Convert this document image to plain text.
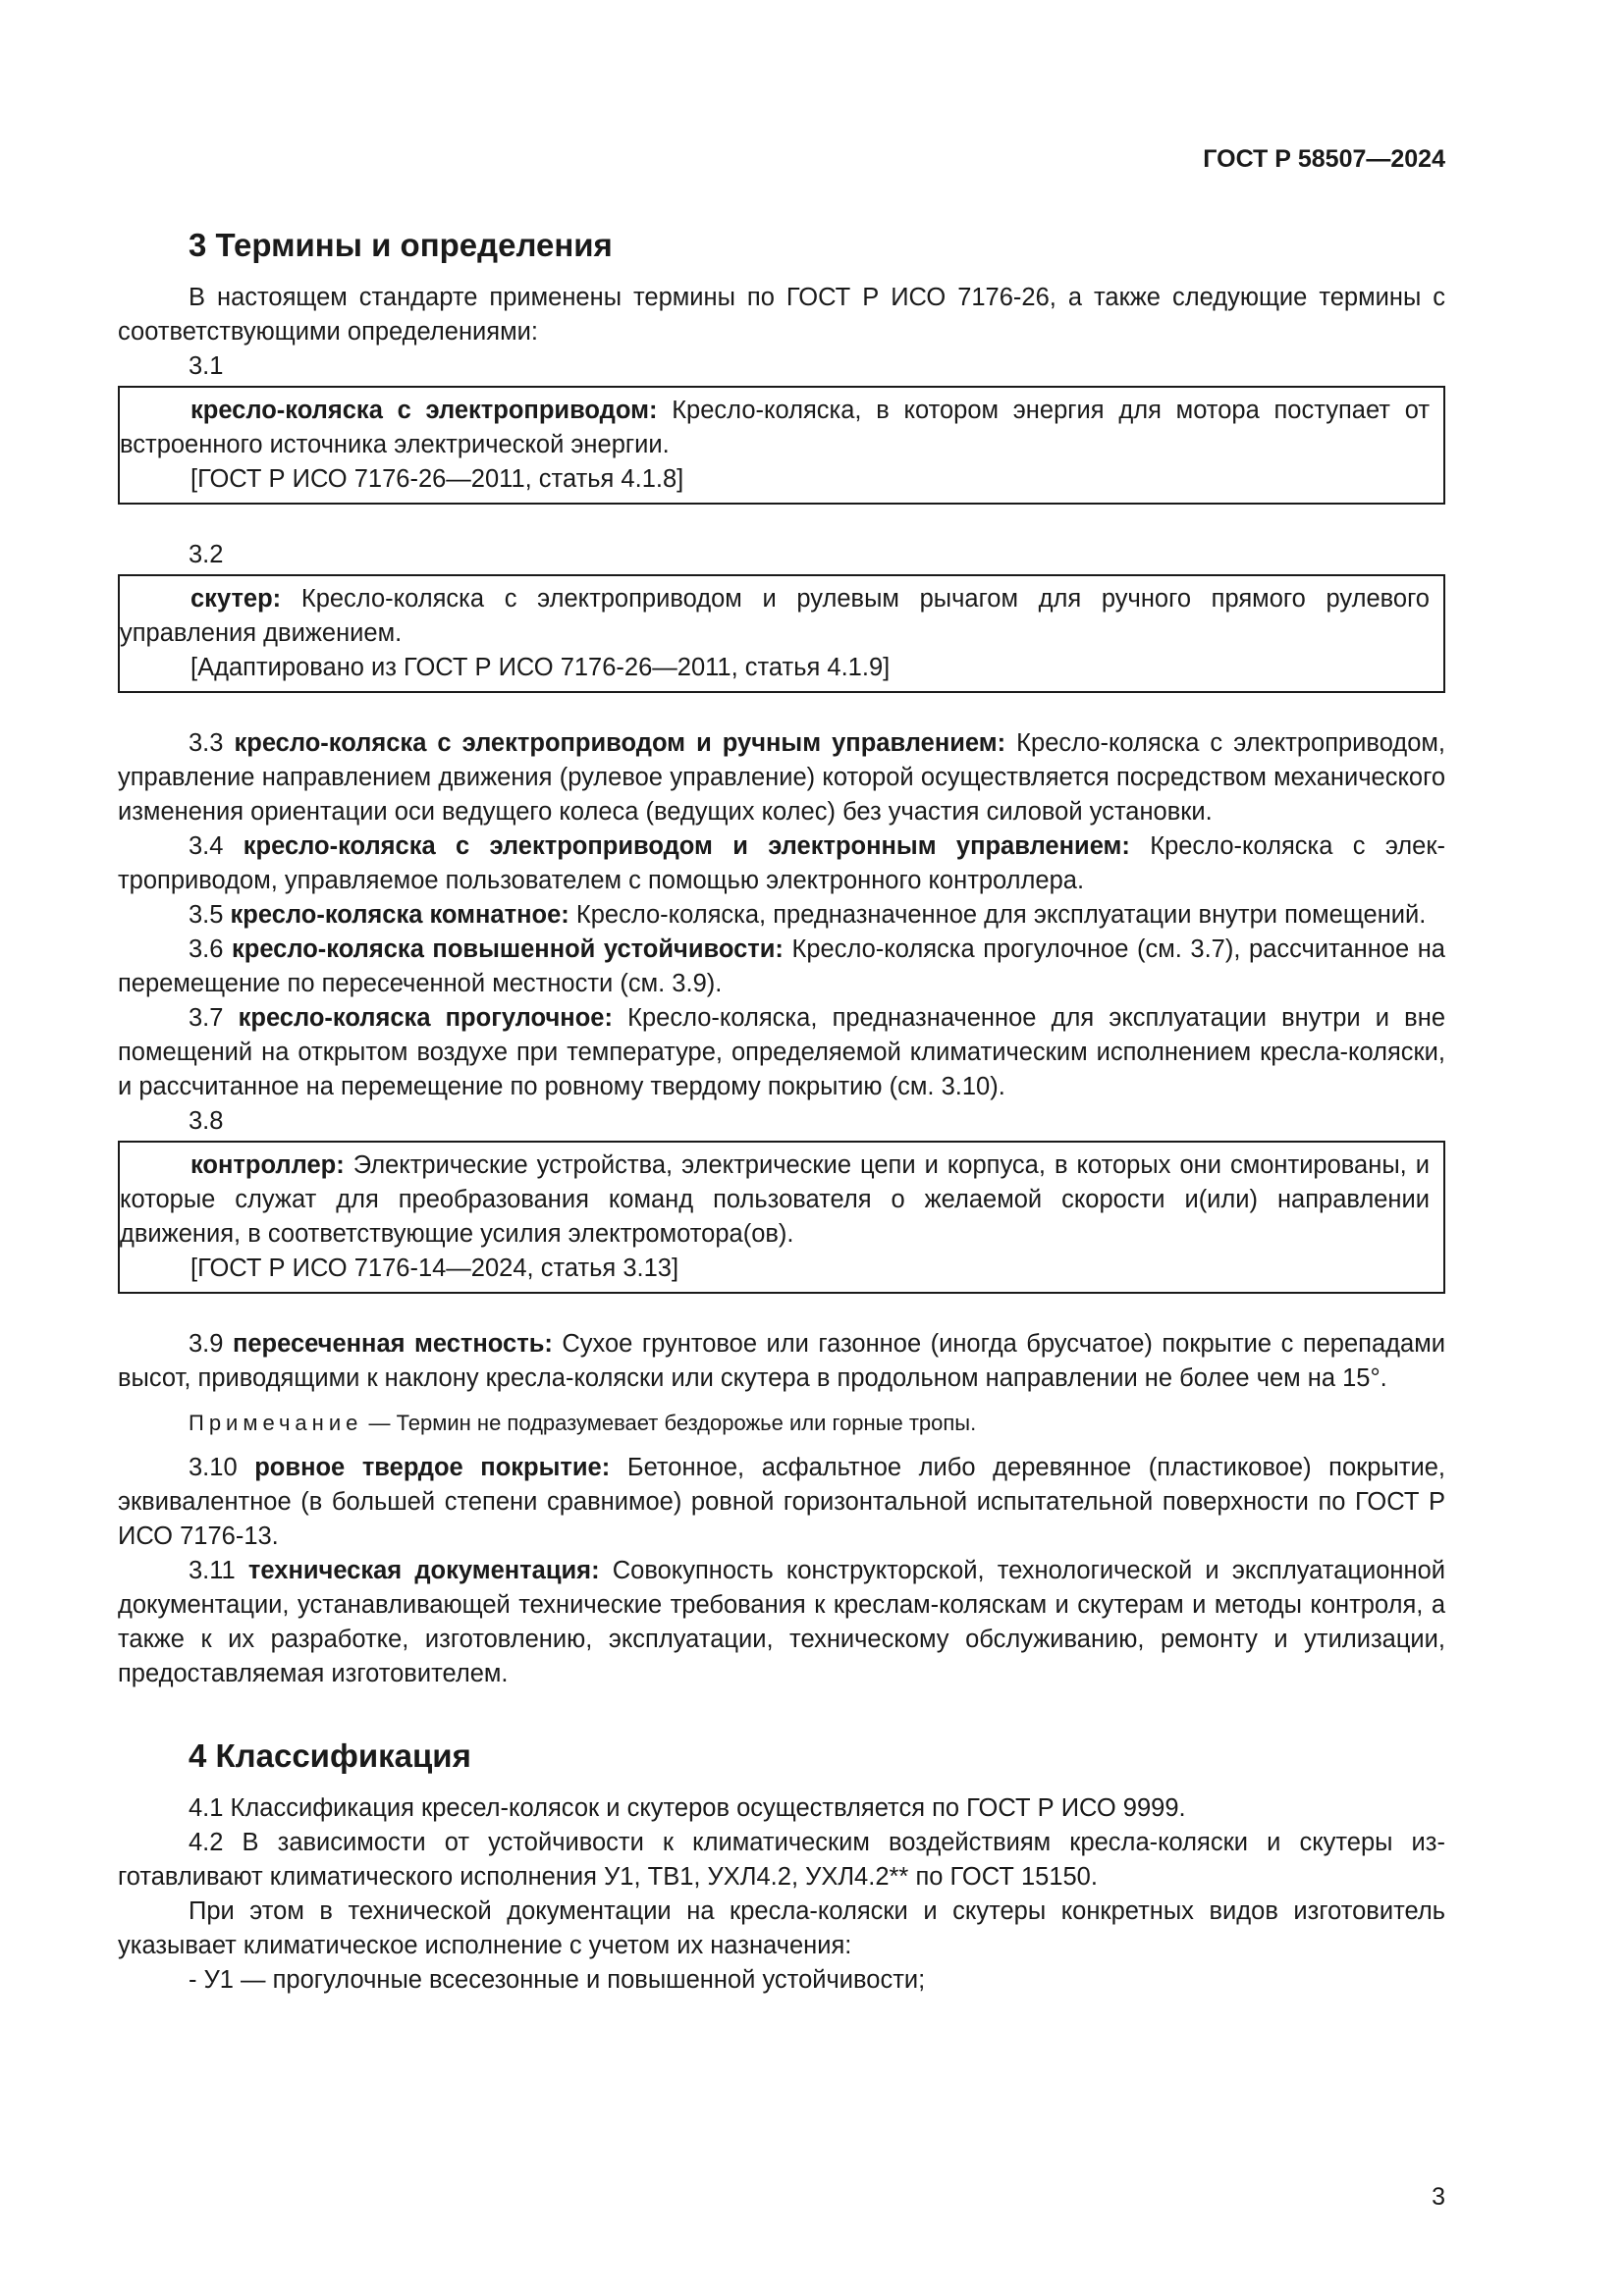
ГОСТ Р 58507—2024
3 Термины и определения

В настоящем стандарте применены термины по ГОСТ Р ИСО 7176-26, а также следующие термины с соответствующими определениями:

3.1

кресло-коляска с электроприводом: Кресло-коляска, в котором энергия для мотора поступает от встроенного источника электрической энергии.

[ГОСТ Р ИСО 7176-26—2011, статья 4.1.8]
3.2

скутер: Кресло-коляска с электроприводом и рулевым рычагом для ручного прямого рулевого управления движением.

[Адаптировано из ГОСТ Р ИСО 7176-26—2011, статья 4.1.9]

3.3 кресло-коляска с электроприводом и ручным управлением: Кресло-коляска с электроприводом, управление направлением движения (рулевое управление) которой осуществляется посредством механического изменения ориентации оси ведущего колеса (ведущих колес) без участия силовой установки.

3.4 кресло-коляска с электроприводом и электронным управлением: Кресло-коляска с электроприводом, управляемое пользователем с помощью электронного контроллера.

3.5 кресло-коляска комнатное: Кресло-коляска, предназначенное для эксплуатации внутри помещений.

3.6 кресло-коляска повышенной устойчивости: Кресло-коляска прогулочное (см. 3.7), рассчитанное на перемещение по пересеченной местности (см. 3.9).

3.7 кресло-коляска прогулочное: Кресло-коляска, предназначенное для эксплуатации внутри и вне помещений на открытом воздухе при температуре, определяемой климатическим исполнением кресла-коляски, и рассчитанное на перемещение по ровному твердому покрытию (см. 3.10).

3.8

контроллер: Электрические устройства, электрические цепи и корпуса, в которых они смонтированы, и которые служат для преобразования команд пользователя о желаемой скорости и(или) направлении движения, в соответствующие усилия электромотора(ов).

[ГОСТ Р ИСО 7176-14—2024, статья 3.13]

3.9 пересеченная местность: Сухое грунтовое или газонное (иногда брусчатое) покрытие с перепадами высот, приводящими к наклону кресла-коляски или скутера в продольном направлении не более чем на 15°.

Примечание — Термин не подразумевает бездорожье или горные тропы.

3.10 ровное твердое покрытие: Бетонное, асфальтное либо деревянное (пластиковое) покрытие, эквивалентное (в большей степени сравнимое) ровной горизонтальной испытательной поверхности по ГОСТ Р ИСО 7176-13.

3.11 техническая документация: Совокупность конструкторской, технологической и эксплуатационной документации, устанавливающей технические требования к креслам-коляскам и скутерам и методы контроля, а также к их разработке, изготовлению, эксплуатации, техническому обслуживанию, ремонту и утилизации, предоставляемая изготовителем.

4 Классификация

4.1 Классификация кресел-колясок и скутеров осуществляется по ГОСТ Р ИСО 9999.

4.2 В зависимости от устойчивости к климатическим воздействиям кресла-коляски и скутеры изготавливают климатического исполнения У1, ТВ1, УХЛ4.2, УХЛ4.2** по ГОСТ 15150.

При этом в технической документации на кресла-коляски и скутеры конкретных видов изготовитель указывает климатическое исполнение с учетом их назначения:

- У1 — прогулочные всесезонные и повышенной устойчивости;
3
